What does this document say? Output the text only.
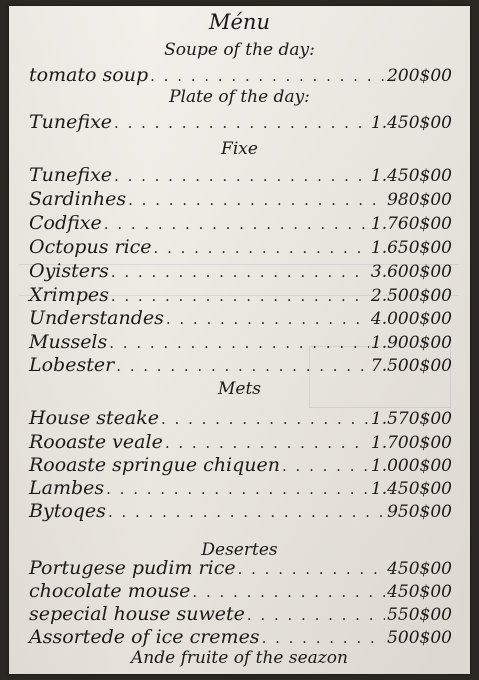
Ménu
Soupe of the day:
tomato soup . . .	200$00
Plate of the day:
Tunefixe . . .	1.450$00
Fixe
Tunefixe . . .	1.450$00
Sardinhes . . .	980$00
Codfixe . . .	1.760$00
Octopus rice . . .	1.650$00
Oyisters . . .	3.600$00
Xrimpes . . .	2.500$00
Understandes . . .	4.000$00
Mussels . . .	1.900$00
Lobester . . .	7.500$00
Mets
House steake . . .	1.570$00
Rooaste veale . . .	1.700$00
Rooaste springue chiquen . . .	1.000$00
Lambes . . .	1.450$00
Bytoqes . . .	950$00
Desertes
Portugese pudim rice . . .	450$00
chocolate mouse . . .	450$00
sepecial house suwete . . .	550$00
Assortede of ice cremes . . .	500$00
Ande fruite of the seazon
